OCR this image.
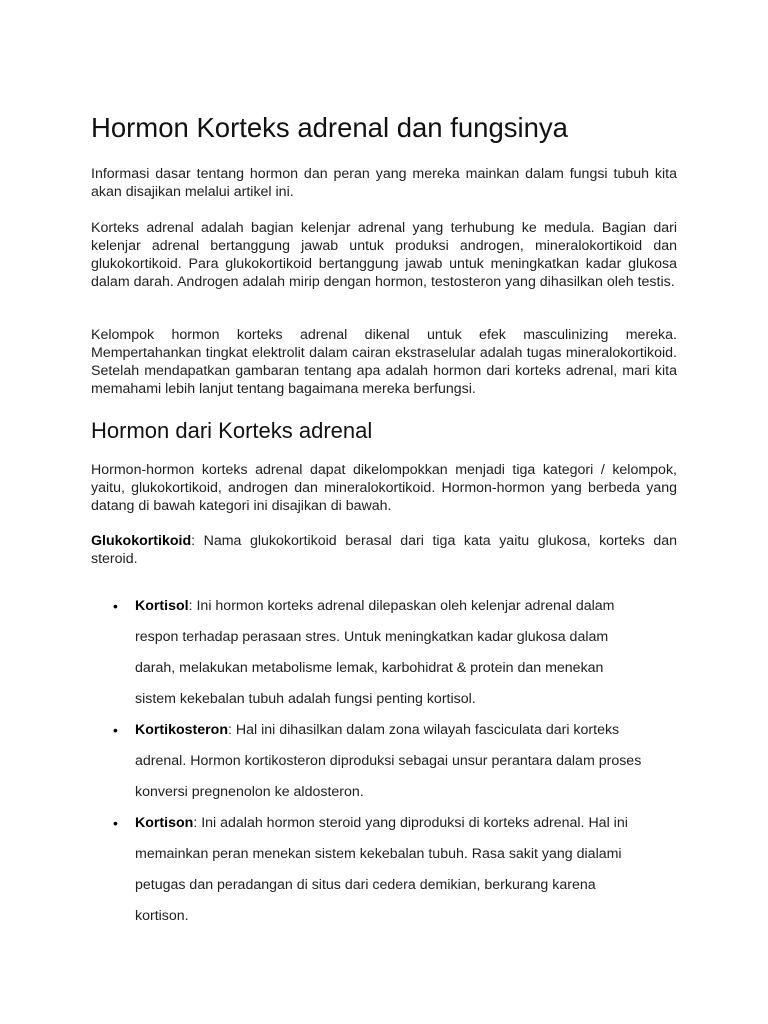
Hormon Korteks adrenal dan fungsinya

Informasi dasar tentang hormon dan peran yang mereka mainkan dalam fungsi tubuh kita akan disajikan melalui artikel ini.

Korteks adrenal adalah bagian kelenjar adrenal yang terhubung ke medula. Bagian dari kelenjar adrenal bertanggung jawab untuk produksi androgen, mineralokortikoid dan glukokortikoid. Para glukokortikoid bertanggung jawab untuk meningkatkan kadar glukosa dalam darah. Androgen adalah mirip dengan hormon, testosteron yang dihasilkan oleh testis.

Kelompok hormon korteks adrenal dikenal untuk efek masculinizing mereka. Mempertahankan tingkat elektrolit dalam cairan ekstraselular adalah tugas mineralokortikoid. Setelah mendapatkan gambaran tentang apa adalah hormon dari korteks adrenal, mari kita memahami lebih lanjut tentang bagaimana mereka berfungsi.

Hormon dari Korteks adrenal

Hormon-hormon korteks adrenal dapat dikelompokkan menjadi tiga kategori / kelompok, yaitu, glukokortikoid, androgen dan mineralokortikoid. Hormon-hormon yang berbeda yang datang di bawah kategori ini disajikan di bawah.

Glukokortikoid: Nama glukokortikoid berasal dari tiga kata yaitu glukosa, korteks dan steroid.

• Kortisol: Ini hormon korteks adrenal dilepaskan oleh kelenjar adrenal dalam respon terhadap perasaan stres. Untuk meningkatkan kadar glukosa dalam darah, melakukan metabolisme lemak, karbohidrat & protein dan menekan sistem kekebalan tubuh adalah fungsi penting kortisol.
• Kortikosteron: Hal ini dihasilkan dalam zona wilayah fasciculata dari korteks adrenal. Hormon kortikosteron diproduksi sebagai unsur perantara dalam proses konversi pregnenolon ke aldosteron.
• Kortison: Ini adalah hormon steroid yang diproduksi di korteks adrenal. Hal ini memainkan peran menekan sistem kekebalan tubuh. Rasa sakit yang dialami petugas dan peradangan di situs dari cedera demikian, berkurang karena kortison.
